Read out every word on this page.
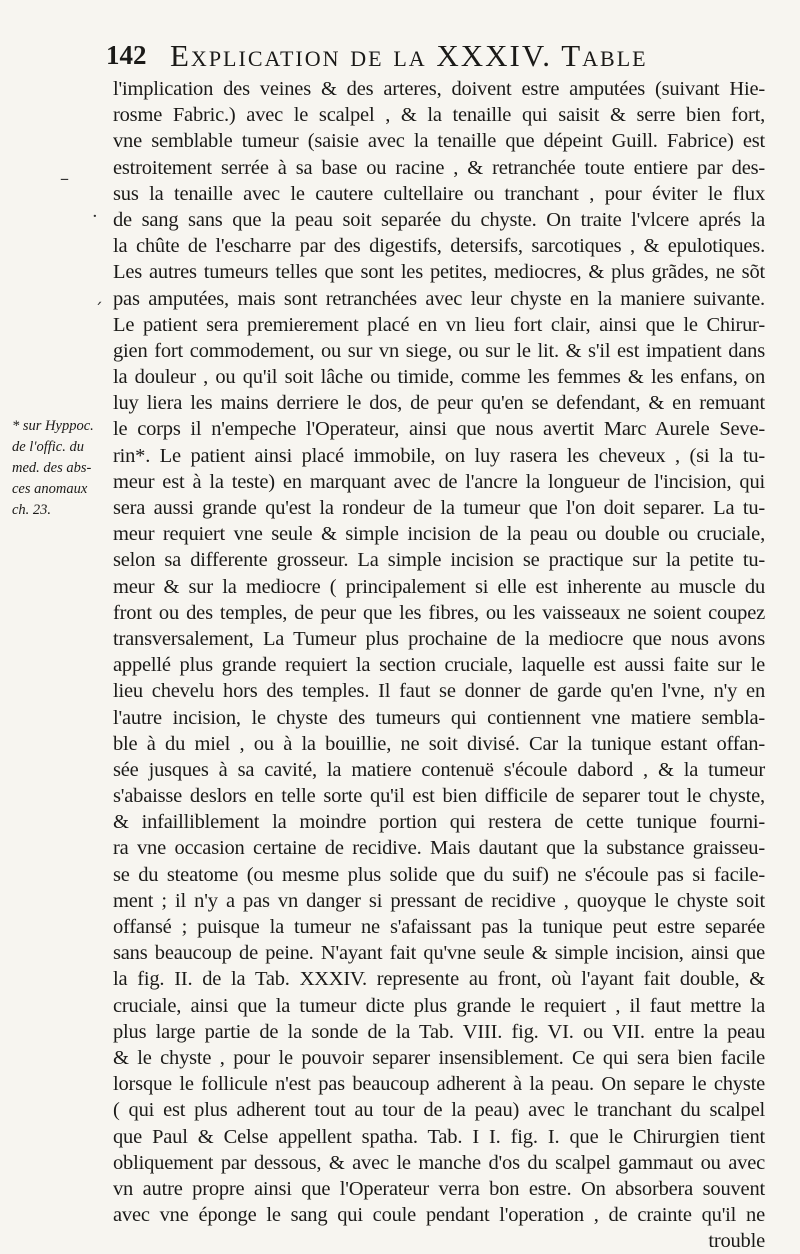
142 Explication de la XXXIV. Table
* sur Hyppoc.
de l'offic. du
med. des abs-
ces anomaux
ch. 23.
–
·
´
l'implication des veines & des arteres, doivent estre amputées (suivant Hie-
rosme Fabric.) avec le scalpel , & la tenaille qui saisit & serre bien fort,
vne semblable tumeur (saisie avec la tenaille que dépeint Guill. Fabrice) est
estroitement serrée à sa base ou racine , & retranchée toute entiere par des-
sus la tenaille avec le cautere cultellaire ou tranchant , pour éviter le flux
de sang sans que la peau soit separée du chyste. On traite l'vlcere aprés la
la chûte de l'escharre par des digestifs, detersifs, sarcotiques , & epulotiques.
Les autres tumeurs telles que sont les petites, mediocres, & plus grãdes, ne sõt
pas amputées, mais sont retranchées avec leur chyste en la maniere suivante.
Le patient sera premierement placé en vn lieu fort clair, ainsi que le Chirur-
gien fort commodement, ou sur vn siege, ou sur le lit. & s'il est impatient dans
la douleur , ou qu'il soit lâche ou timide, comme les femmes & les enfans, on
luy liera les mains derriere le dos, de peur qu'en se defendant, & en remuant
le corps il n'empeche l'Operateur, ainsi que nous avertit Marc Aurele Seve-
rin*. Le patient ainsi placé immobile, on luy rasera les cheveux , (si la tu-
meur est à la teste) en marquant avec de l'ancre la longueur de l'incision, qui
sera aussi grande qu'est la rondeur de la tumeur que l'on doit separer. La tu-
meur requiert vne seule & simple incision de la peau ou double ou cruciale,
selon sa differente grosseur. La simple incision se practique sur la petite tu-
meur & sur la mediocre ( principalement si elle est inherente au muscle du
front ou des temples, de peur que les fibres, ou les vaisseaux ne soient coupez
transversalement, La Tumeur plus prochaine de la mediocre que nous avons
appellé plus grande requiert la section cruciale, laquelle est aussi faite sur le
lieu chevelu hors des temples. Il faut se donner de garde qu'en l'vne, n'y en
l'autre incision, le chyste des tumeurs qui contiennent vne matiere sembla-
ble à du miel , ou à la bouillie, ne soit divisé. Car la tunique estant offan-
sée jusques à sa cavité, la matiere contenuë s'écoule dabord , & la tumeur
s'abaisse deslors en telle sorte qu'il est bien difficile de separer tout le chyste,
& infailliblement la moindre portion qui restera de cette tunique fourni-
ra vne occasion certaine de recidive. Mais dautant que la substance graisseu-
se du steatome (ou mesme plus solide que du suif) ne s'écoule pas si facile-
ment ; il n'y a pas vn danger si pressant de recidive , quoyque le chyste soit
offansé ; puisque la tumeur ne s'afaissant pas la tunique peut estre separée
sans beaucoup de peine. N'ayant fait qu'vne seule & simple incision, ainsi que
la fig. II. de la Tab. XXXIV. represente au front, où l'ayant fait double, &
cruciale, ainsi que la tumeur dicte plus grande le requiert , il faut mettre la
plus large partie de la sonde de la Tab. VIII. fig. VI. ou VII. entre la peau
& le chyste , pour le pouvoir separer insensiblement. Ce qui sera bien facile
lorsque le follicule n'est pas beaucoup adherent à la peau. On separe le chyste
( qui est plus adherent tout au tour de la peau) avec le tranchant du scalpel
que Paul & Celse appellent spatha. Tab. I I. fig. I. que le Chirurgien tient
obliquement par dessous, & avec le manche d'os du scalpel gammaut ou avec
vn autre propre ainsi que l'Operateur verra bon estre. On absorbera souvent
avec vne éponge le sang qui coule pendant l'operation , de crainte qu'il ne
trouble
